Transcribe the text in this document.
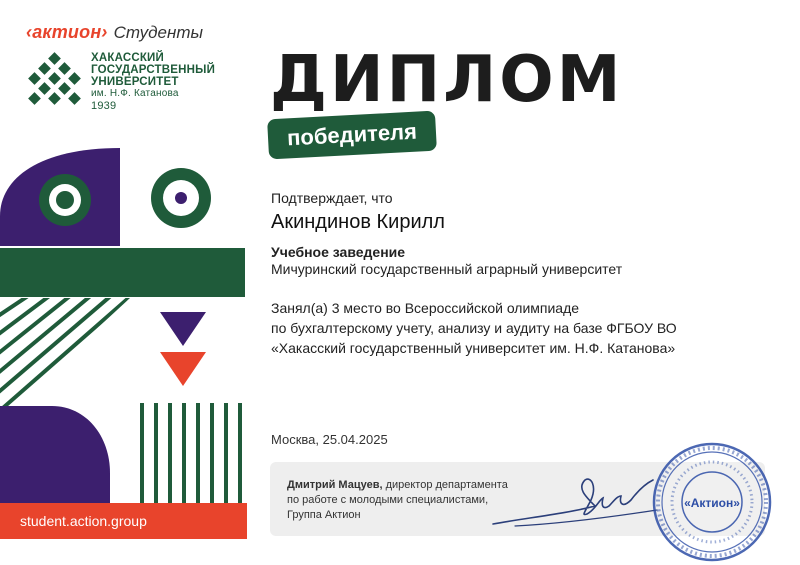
‹актион› Студенты
ХАКАССКИЙ
ГОСУДАРСТВЕННЫЙ
УНИВЕРСИТЕТ
им. Н.Ф. Катанова
1939	ДИПЛОМ
победителя
Подтверждает, что
Акиндинов Кирилл
Учебное заведение
Мичуринский государственный аграрный университет
Занял(а) 3 место во Всероссийской олимпиаде
по бухгалтерскому учету, анализу и аудиту на базе ФГБОУ ВО
«Хакасский государственный университет им. Н.Ф. Катанова»
Москва, 25.04.2025
Дмитрий Мацуев, директор департамента
по работе с молодыми специалистами,
Группа Актион
«Актион»
student.action.group
